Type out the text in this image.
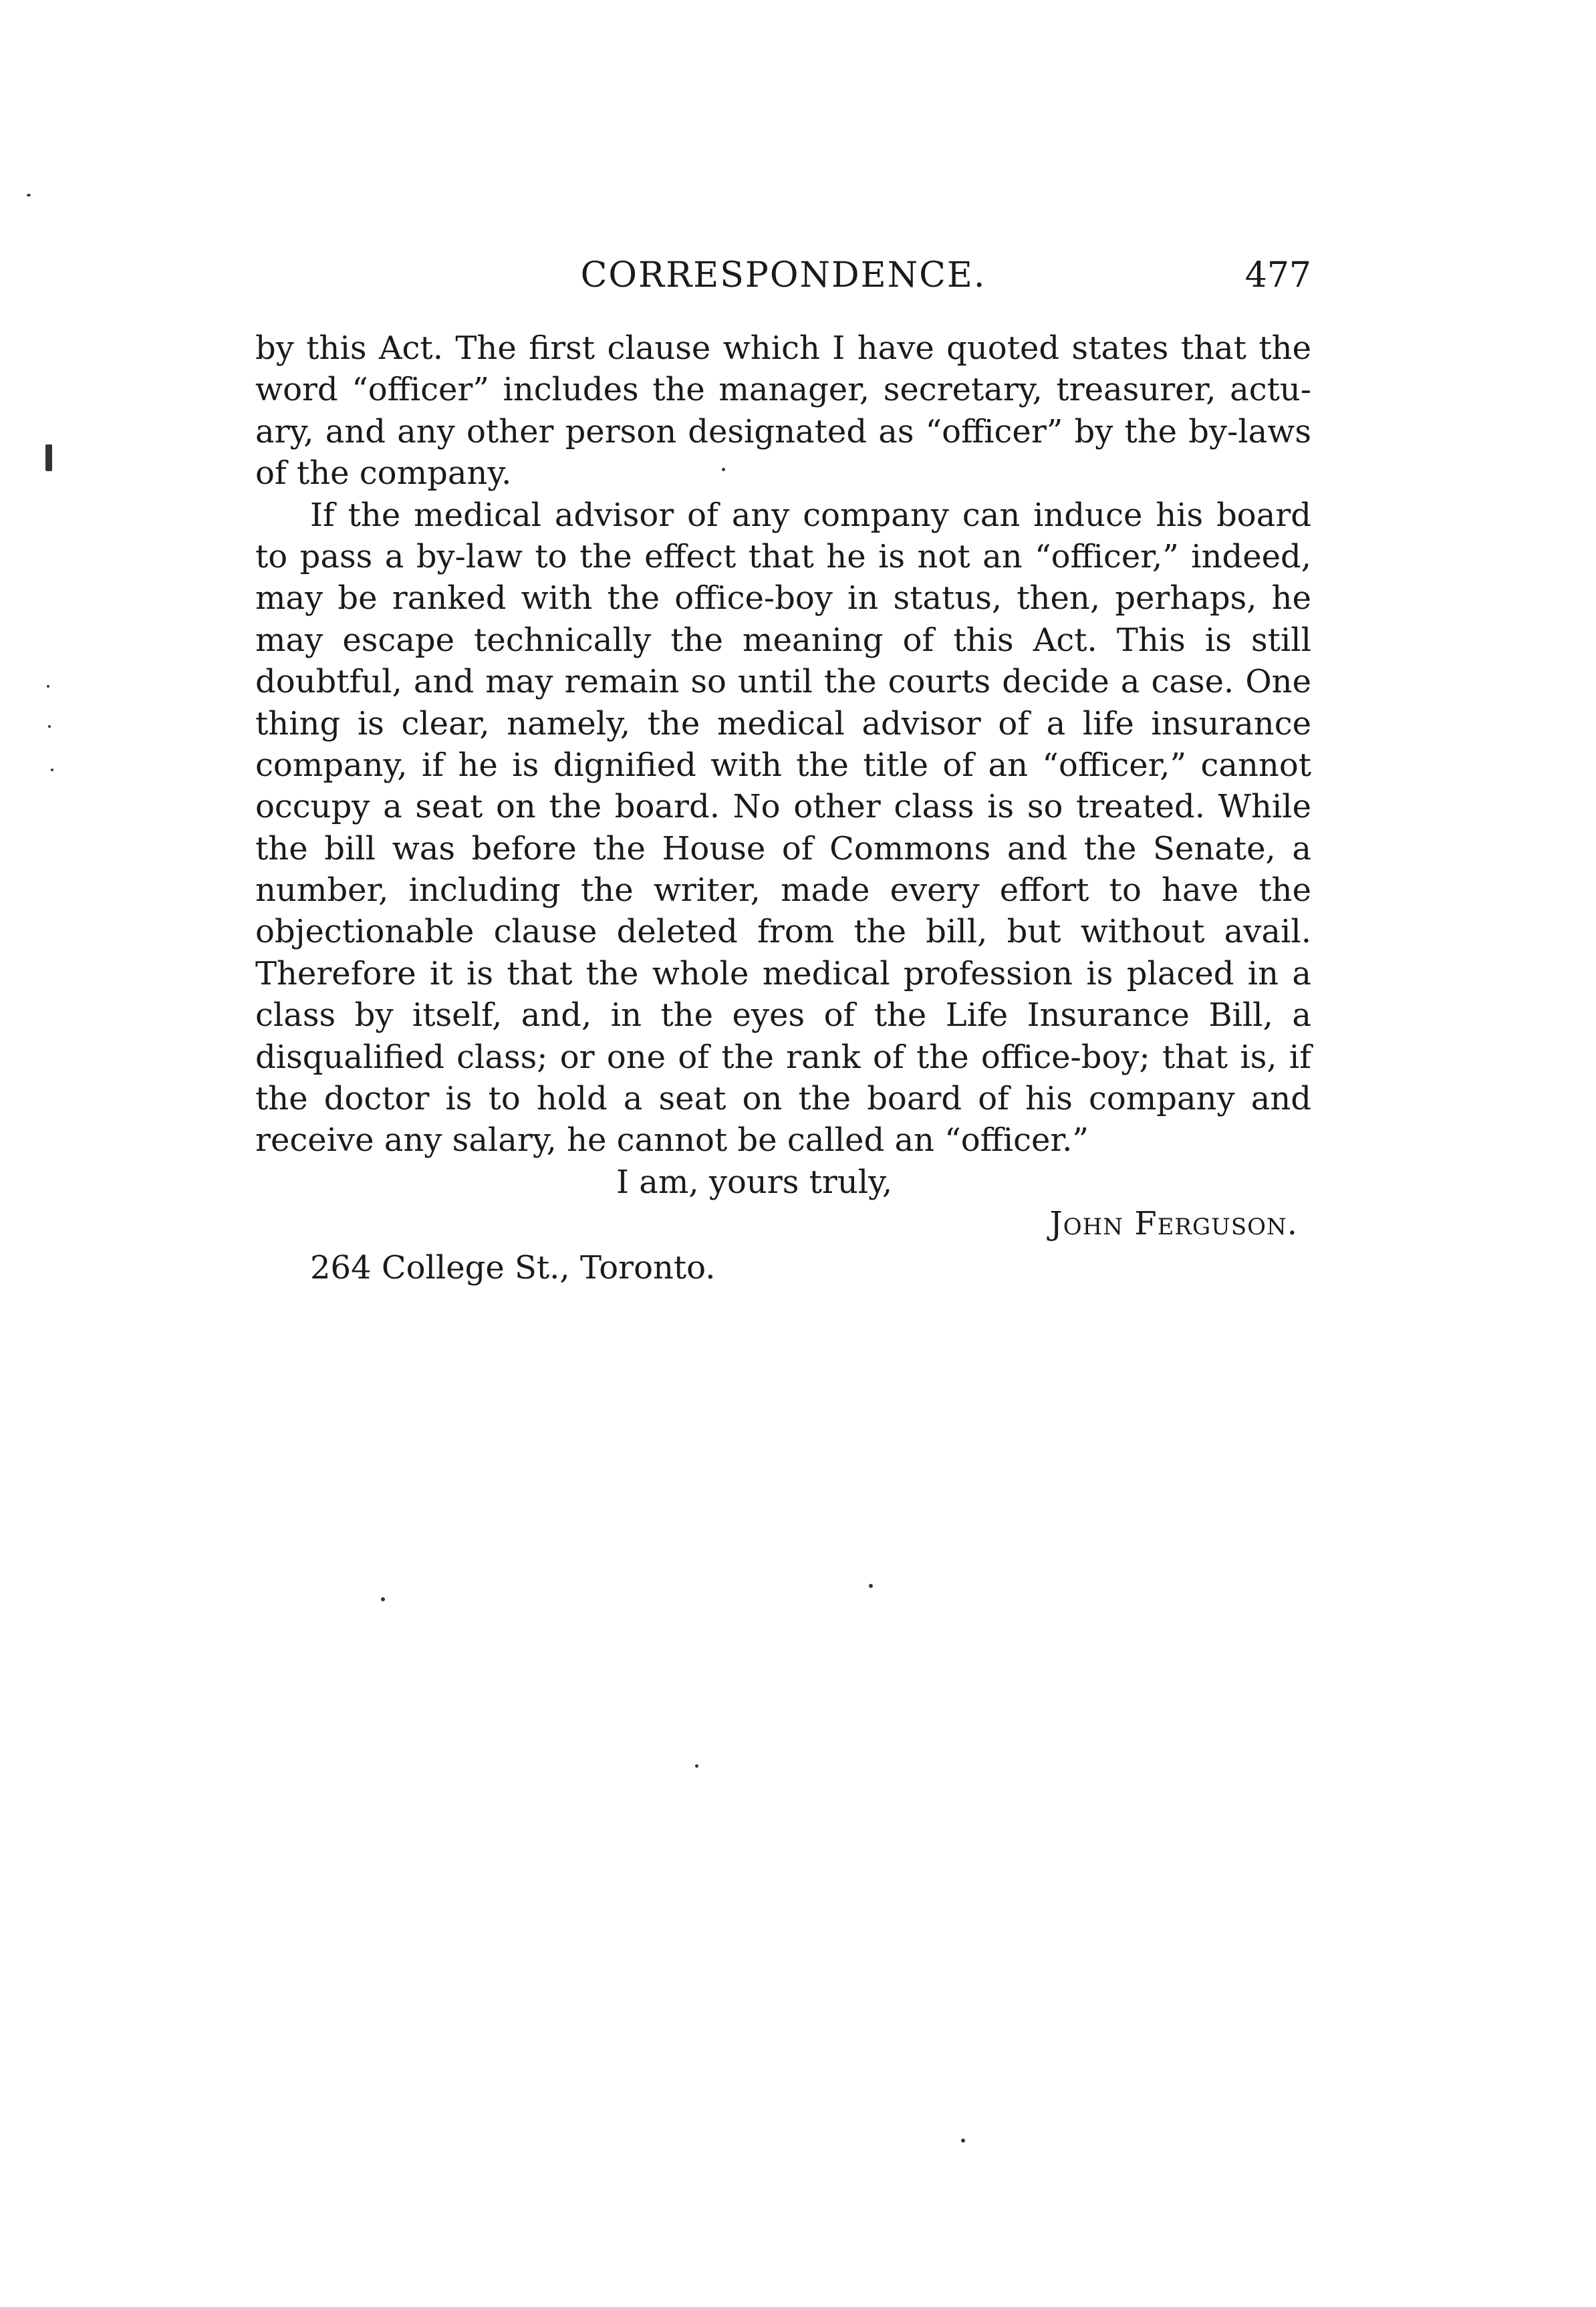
CORRESPONDENCE.	477
by this Act. The first clause which I have quoted states that the
word “officer” includes the manager, secretary, treasurer, actu-
ary, and any other person designated as “officer” by the by-laws
of the company.
If the medical advisor of any company can induce his board
to pass a by-law to the effect that he is not an “officer,” indeed,
may be ranked with the office-boy in status, then, perhaps, he
may escape technically the meaning of this Act. This is still
doubtful, and may remain so until the courts decide a case. One
thing is clear, namely, the medical advisor of a life insurance
company, if he is dignified with the title of an “officer,” cannot
occupy a seat on the board. No other class is so treated. While
the bill was before the House of Commons and the Senate, a
number, including the writer, made every effort to have the
objectionable clause deleted from the bill, but without avail.
Therefore it is that the whole medical profession is placed in a
class by itself, and, in the eyes of the Life Insurance Bill, a
disqualified class; or one of the rank of the office-boy; that is, if
the doctor is to hold a seat on the board of his company and
receive any salary, he cannot be called an “officer.”
I am, yours truly,
John Ferguson.
264 College St., Toronto.
